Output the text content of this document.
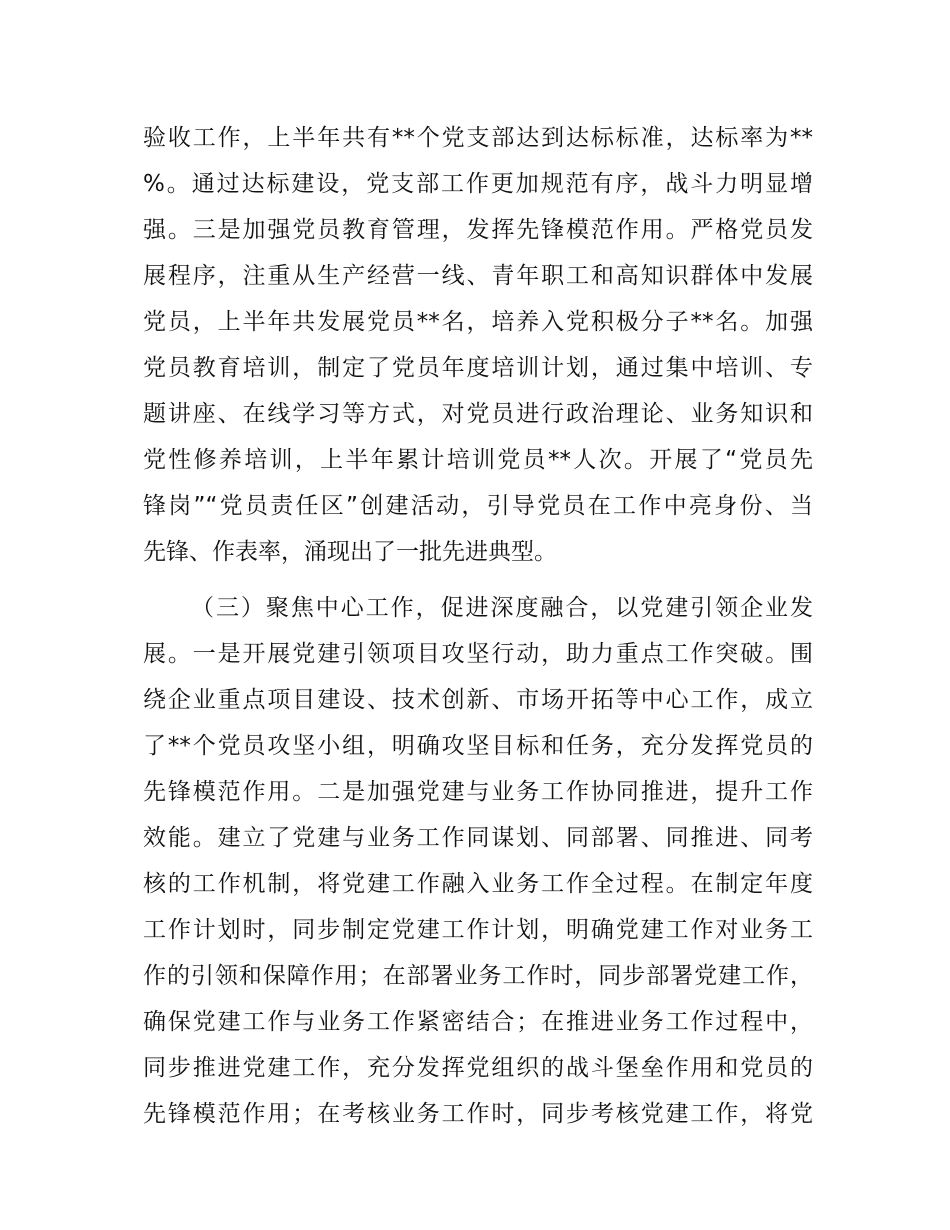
验收工作，上半年共有**个党支部达到达标标准，达标率为**
%。通过达标建设，党支部工作更加规范有序，战斗力明显增
强。三是加强党员教育管理，发挥先锋模范作用。严格党员发
展程序，注重从生产经营一线、青年职工和高知识群体中发展
党员，上半年共发展党员**名，培养入党积极分子**名。加强
党员教育培训，制定了党员年度培训计划，通过集中培训、专
题讲座、在线学习等方式，对党员进行政治理论、业务知识和
党性修养培训，上半年累计培训党员**人次。开展了“党员先
锋岗”“党员责任区”创建活动，引导党员在工作中亮身份、当
先锋、作表率，涌现出了一批先进典型。
（三）聚焦中心工作，促进深度融合，以党建引领企业发
展。一是开展党建引领项目攻坚行动，助力重点工作突破。围
绕企业重点项目建设、技术创新、市场开拓等中心工作，成立
了**个党员攻坚小组，明确攻坚目标和任务，充分发挥党员的
先锋模范作用。二是加强党建与业务工作协同推进，提升工作
效能。建立了党建与业务工作同谋划、同部署、同推进、同考
核的工作机制，将党建工作融入业务工作全过程。在制定年度
工作计划时，同步制定党建工作计划，明确党建工作对业务工
作的引领和保障作用；在部署业务工作时，同步部署党建工作，
确保党建工作与业务工作紧密结合；在推进业务工作过程中，
同步推进党建工作，充分发挥党组织的战斗堡垒作用和党员的
先锋模范作用；在考核业务工作时，同步考核党建工作，将党
